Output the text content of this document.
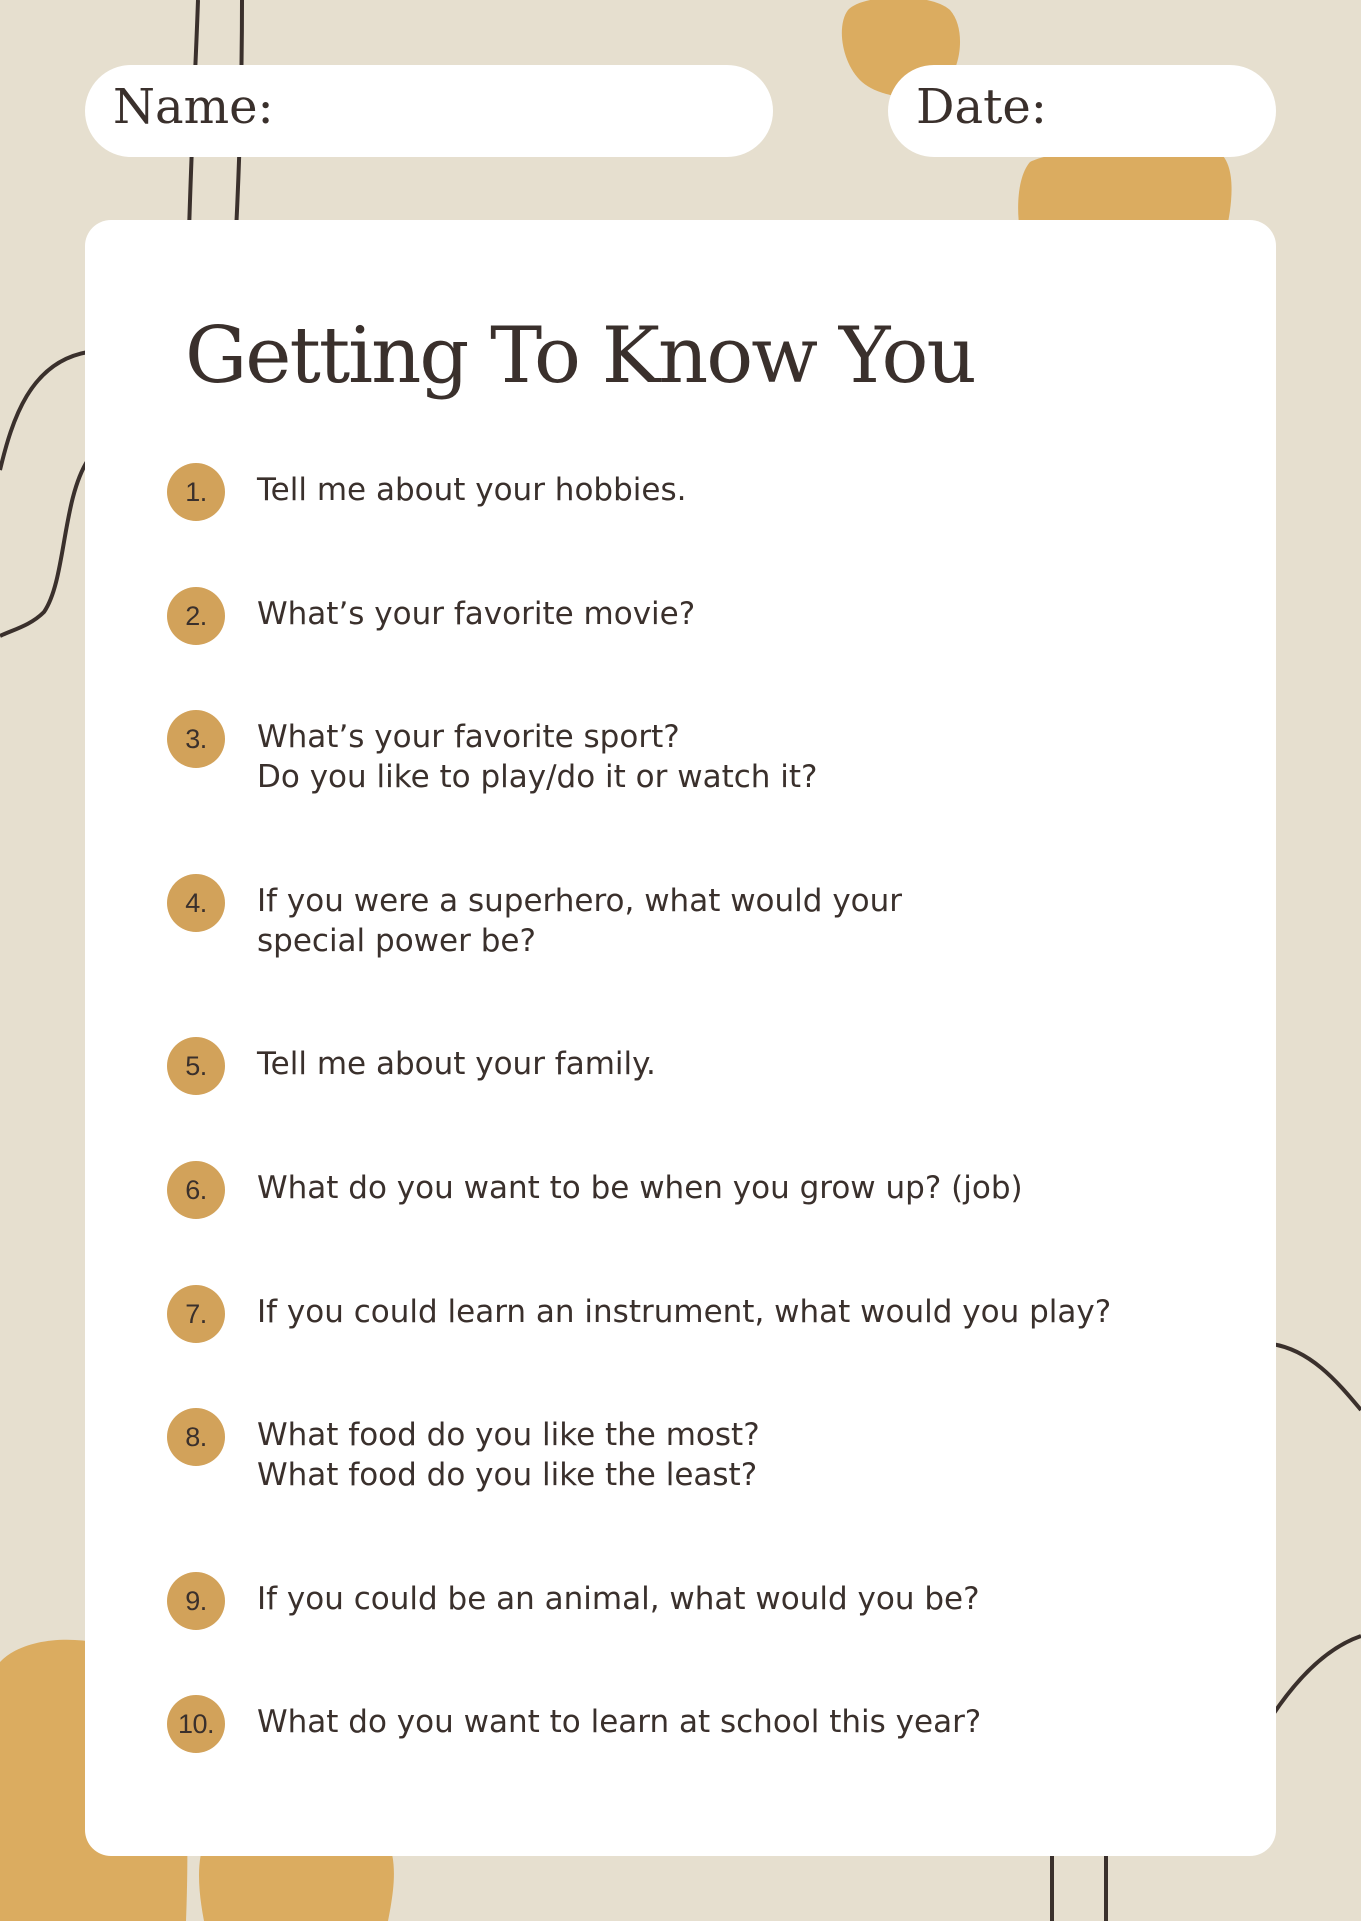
Name:	Date:
Getting To Know You
1.	Tell me about your hobbies.
2.	What’s your favorite movie?
3.	What’s your favorite sport?
Do you like to play/do it or watch it?
4.	If you were a superhero, what would your
special power be?
5.	Tell me about your family.
6.	What do you want to be when you grow up? (job)
7.	If you could learn an instrument, what would you play?
8.	What food do you like the most?
What food do you like the least?
9.	If you could be an animal, what would you be?
10.	What do you want to learn at school this year?
